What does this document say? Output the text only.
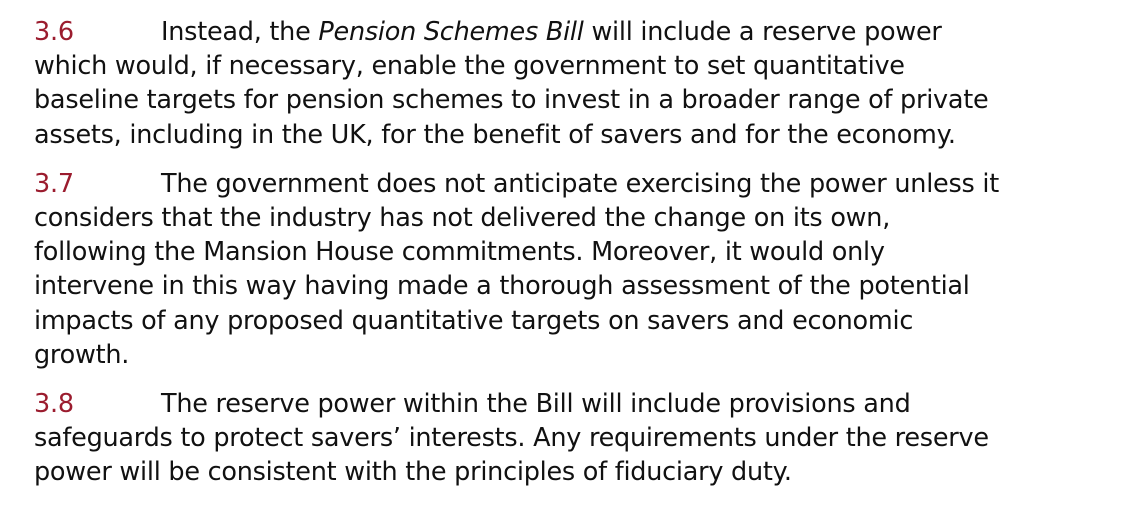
3.6	Instead, the Pension Schemes Bill will include a reserve power
which would, if necessary, enable the government to set quantitative
baseline targets for pension schemes to invest in a broader range of private
assets, including in the UK, for the benefit of savers and for the economy.

3.7	The government does not anticipate exercising the power unless it
considers that the industry has not delivered the change on its own,
following the Mansion House commitments. Moreover, it would only
intervene in this way having made a thorough assessment of the potential
impacts of any proposed quantitative targets on savers and economic
growth.

3.8	The reserve power within the Bill will include provisions and
safeguards to protect savers’ interests. Any requirements under the reserve
power will be consistent with the principles of fiduciary duty.
